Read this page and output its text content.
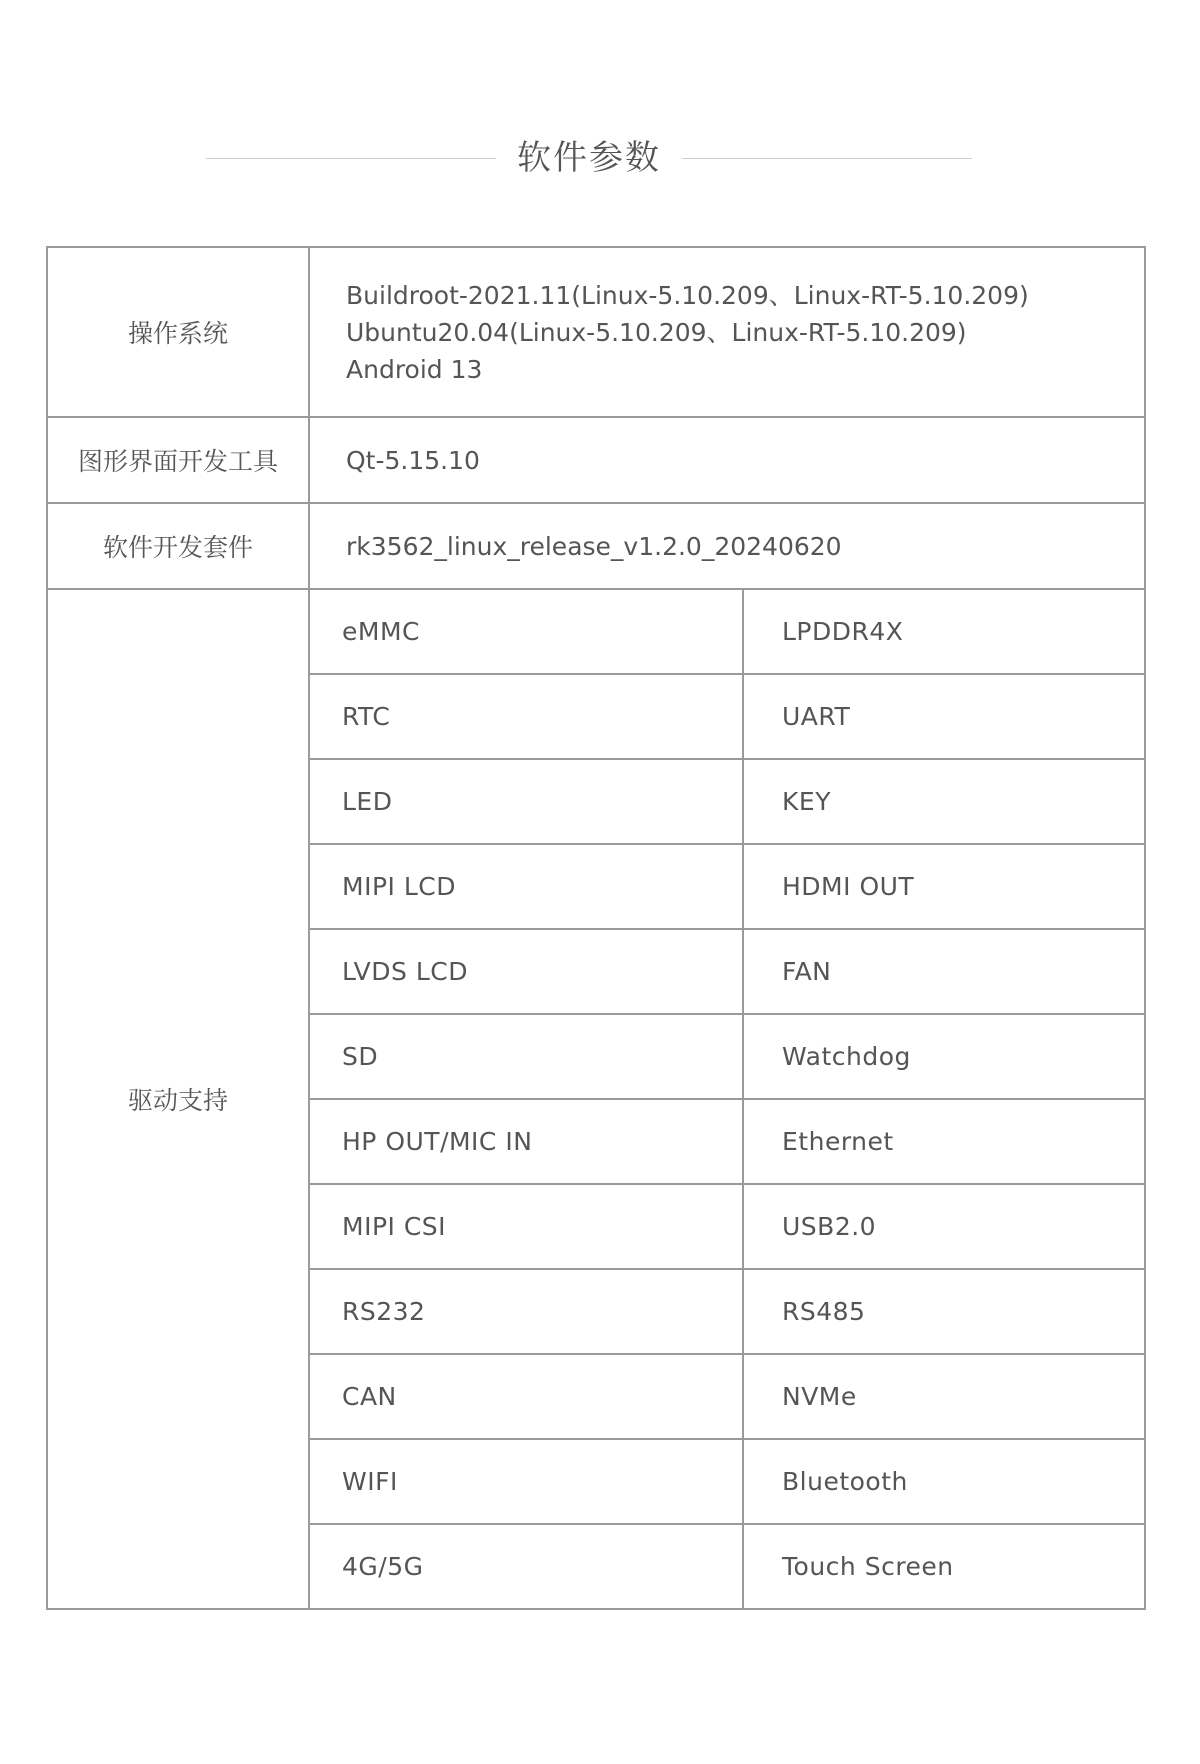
软件参数
操作系统	Buildroot-2021.11(Linux-5.10.209、Linux-RT-5.10.209)
Ubuntu20.04(Linux-5.10.209、Linux-RT-5.10.209)
Android 13	

图形界面开发工具	Qt-5.15.10	
软件开发套件	rk3562_linux_release_v1.2.0_20240620	
驱动支持	eMMC	LPDDR4X
	RTC	UART
	LED	KEY
	MIPI LCD	HDMI OUT
	LVDS LCD	FAN
	SD	Watchdog
	HP OUT/MIC IN	Ethernet
	MIPI CSI	USB2.0
	RS232	RS485
	CAN	NVMe
	WIFI	Bluetooth
	4G/5G	Touch Screen
